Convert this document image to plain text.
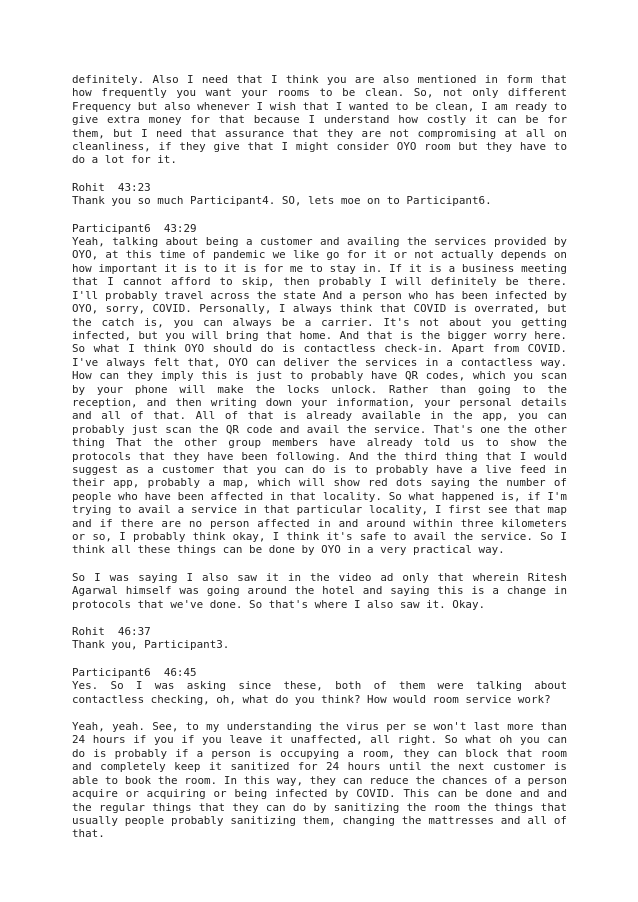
definitely. Also I need that I think you are also mentioned in form that how frequently you want your rooms to be clean. So, not only different Frequency but also whenever I wish that I wanted to be clean, I am ready to give extra money for that because I understand how costly it can be for them, but I need that assurance that they are not compromising at all on cleanliness, if they give that I might consider OYO room but they have to do a lot for it.
Rohit 43:23
Thank you so much Participant4. SO, lets moe on to Participant6.
Participant6 43:29
Yeah, talking about being a customer and availing the services provided by OYO, at this time of pandemic we like go for it or not actually depends on how important it is to it is for me to stay in. If it is a business meeting that I cannot afford to skip, then probably I will definitely be there. I'll probably travel across the state And a person who has been infected by OYO, sorry, COVID. Personally, I always think that COVID is overrated, but the catch is, you can always be a carrier. It's not about you getting infected, but you will bring that home. And that is the bigger worry here. So what I think OYO should do is contactless check-in. Apart from COVID. I've always felt that, OYO can deliver the services in a contactless way. How can they imply this is just to probably have QR codes, which you scan by your phone will make the locks unlock. Rather than going to the reception, and then writing down your information, your personal details and all of that. All of that is already available in the app, you can probably just scan the QR code and avail the service. That's one the other thing That the other group members have already told us to show the protocols that they have been following. And the third thing that I would suggest as a customer that you can do is to probably have a live feed in their app, probably a map, which will show red dots saying the number of people who have been affected in that locality. So what happened is, if I'm trying to avail a service in that particular locality, I first see that map and if there are no person affected in and around within three kilometers or so, I probably think okay, I think it's safe to avail the service. So I think all these things can be done by OYO in a very practical way.
So I was saying I also saw it in the video ad only that wherein Ritesh Agarwal himself was going around the hotel and saying this is a change in protocols that we've done. So that's where I also saw it. Okay.
Rohit 46:37
Thank you, Participant3.
Participant6 46:45
Yes. So I was asking since these, both of them were talking about contactless checking, oh, what do you think? How would room service work?
Yeah, yeah. See, to my understanding the virus per se won't last more than 24 hours if you if you leave it unaffected, all right. So what oh you can do is probably if a person is occupying a room, they can block that room and completely keep it sanitized for 24 hours until the next customer is able to book the room. In this way, they can reduce the chances of a person acquire or acquiring or being infected by COVID. This can be done and and the regular things that they can do by sanitizing the room the things that usually people probably sanitizing them, changing the mattresses and all of that.
